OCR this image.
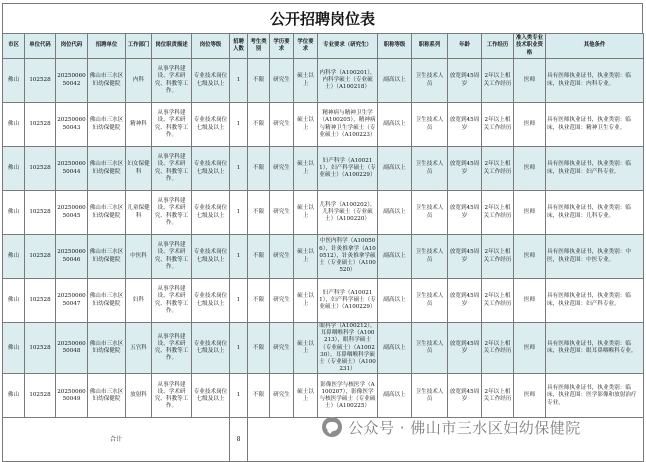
公开招聘岗位表
市区	单位代码	岗位代码	招聘单位	工作部门	岗位职责描述	岗位等级	招聘人数	考生类别	学历要求	学位要求	专业要求（研究生）	职称等级	职称系列	年龄	工作经历	准入类专业技术职业资格	其他条件
佛山	102528	2025006050042	佛山市三水区妇幼保健院	内科	从事学科建设、学术研究、科教等工作。	专业技术岗位七级及以上	1	不限	研究生	硕士以上	内科学（A100201），内科学硕士（专业硕士）（A100218）	副高以上	卫生技术人员	放宽到45周岁	2年以上相关工作经历	医师	具有医师执业证书，执业类别：临床，执业范围：内科专业。
佛山	102528	2025006050043	佛山市三水区妇幼保健院	精神科	从事学科建设、学术研究、科教等工作。	专业技术岗位七级及以上	1	不限	研究生	硕士以上	精神病与精神卫生学（A100205），精神病与精神卫生学硕士（专业硕士）（A100223）	副高以上	卫生技术人员	放宽到45周岁	2年以上相关工作经历	医师	具有医师执业证书，执业类别：临床，执业范围：精神卫生专业。
佛山	102528	2025006050044	佛山市三水区妇幼保健院	妇女保健科	从事学科建设、学术研究、科教等工作。	专业技术岗位七级及以上	1	不限	研究生	硕士以上	妇产科学（A100211），妇产科学硕士（专业硕士）（A100229）	副高以上	卫生技术人员	放宽到45周岁	2年以上相关工作经历	医师	具有医师执业证书，执业类别：临床，执业范围：妇产科专业。
佛山	102528	2025006050045	佛山市三水区妇幼保健院	儿童保健科	从事学科建设、学术研究、科教等工作。	专业技术岗位七级及以上	1	不限	研究生	硕士以上	儿科学（A100202），儿科学硕士（专业硕士）（A100220）	副高以上	卫生技术人员	放宽到45周岁	2年以上相关工作经历	医师	具有医师执业证书，执业类别：临床，执业范围：儿科专业。
佛山	102528	2025006050046	佛山市三水区妇幼保健院	中医科	从事学科建设、学术研究、科教等工作。	专业技术岗位七级及以上	1	不限	研究生	硕士以上	中医内科学（A100506），针灸推拿学（A100512），针灸推拿学硕士（专业硕士）（A100520）	副高以上	卫生技术人员	放宽到45周岁	2年以上相关工作经历	医师	具有医师执业证书，执业类别：中医，执业范围：中医专业。
佛山	102528	2025006050047	佛山市三水区妇幼保健院	妇科	从事学科建设、学术研究、科教等工作。	专业技术岗位七级及以上	1	不限	研究生	硕士以上	妇产科学（A100211），妇产科学硕士（专业硕士）（A100229）	副高以上	卫生技术人员	放宽到45周岁	2年以上相关工作经历	医师	具有医师执业证书，执业类别：临床，执业范围：妇产科专业。
佛山	102528	2025006050048	佛山市三水区妇幼保健院	五官科	从事学科建设、学术研究、科教等工作。	专业技术岗位七级及以上	1	不限	研究生	硕士以上	眼科学（A100212），耳鼻咽喉科学（A100213），眼科学硕士（专业硕士）（A100230），耳鼻咽喉科学硕士（专业硕士）（A100231）	副高以上	卫生技术人员	放宽到45周岁	2年以上相关工作经历	医师	具有医师执业证书，执业类别：临床，执业范围：眼耳鼻咽喉科专业。
佛山	102528	2025006050049	佛山市三水区妇幼保健院	放射科	从事学科建设、学术研究、科教等工作。	专业技术岗位七级及以上	1	不限	研究生	硕士以上	影像医学与核医学（A100207），影像医学与核医学硕士（专业硕士）（A100225）	副高以上	卫生技术人员	放宽到45周岁	2年以上相关工作经历	医师	具有医师执业证书，执业类别：临床，执业范围：医学影像和放射治疗专业。
合计							8										
公众号 · 佛山市三水区妇幼保健院
